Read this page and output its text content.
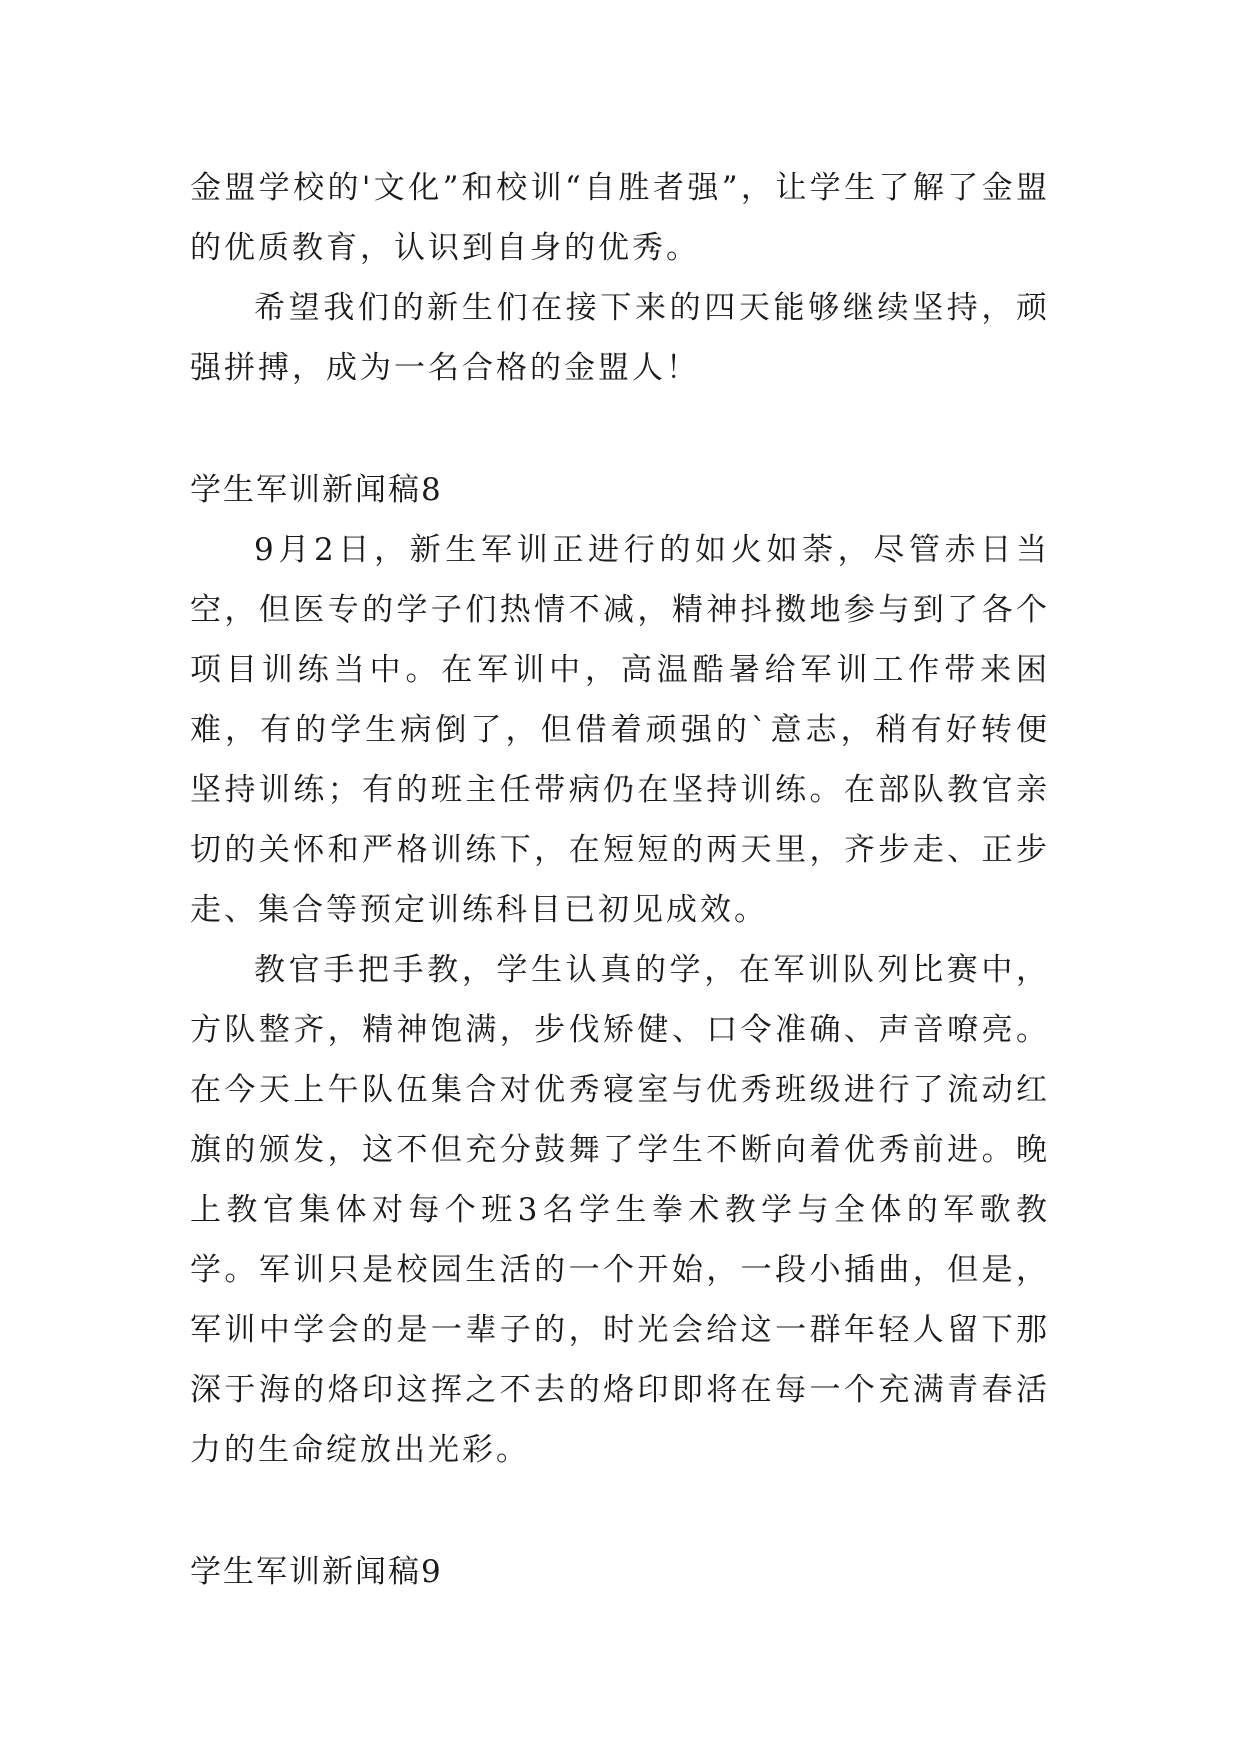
金盟学校的'文化”和校训“自胜者强”，让学生了解了金盟的优质教育，认识到自身的优秀。

希望我们的新生们在接下来的四天能够继续坚持，顽强拼搏，成为一名合格的金盟人！

学生军训新闻稿8

9月2日，新生军训正进行的如火如荼，尽管赤日当空，但医专的学子们热情不减，精神抖擞地参与到了各个项目训练当中。在军训中，高温酷暑给军训工作带来困难，有的学生病倒了，但借着顽强的`意志，稍有好转便坚持训练；有的班主任带病仍在坚持训练。在部队教官亲切的关怀和严格训练下，在短短的两天里，齐步走、正步走、集合等预定训练科目已初见成效。

教官手把手教，学生认真的学，在军训队列比赛中，方队整齐，精神饱满，步伐矫健、口令准确、声音嘹亮。在今天上午队伍集合对优秀寝室与优秀班级进行了流动红旗的颁发，这不但充分鼓舞了学生不断向着优秀前进。晚上教官集体对每个班3名学生拳术教学与全体的军歌教学。军训只是校园生活的一个开始，一段小插曲，但是，军训中学会的是一辈子的，时光会给这一群年轻人留下那深于海的烙印这挥之不去的烙印即将在每一个充满青春活力的生命绽放出光彩。

学生军训新闻稿9
